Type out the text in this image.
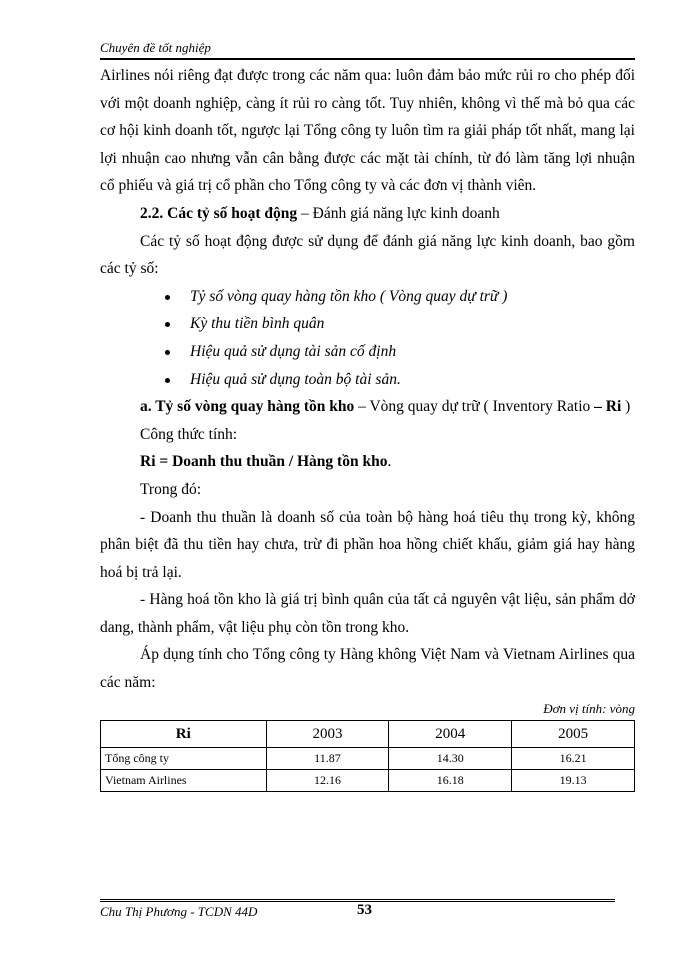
Chuyên đề tốt nghiệp

Airlines nói riêng đạt được trong các năm qua: luôn đảm bảo mức rủi ro cho phép đối với một doanh nghiệp, càng ít rủi ro càng tốt. Tuy nhiên, không vì thế mà bỏ qua các cơ hội kinh doanh tốt, ngược lại Tổng công ty luôn tìm ra giải pháp tốt nhất, mang lại lợi nhuận cao nhưng vẫn cân bằng được các mặt tài chính, từ đó làm tăng lợi nhuận cổ phiếu và giá trị cổ phần cho Tổng công ty và các đơn vị thành viên.

2.2. Các tỷ số hoạt động – Đánh giá năng lực kinh doanh

Các tỷ số hoạt động được sử dụng để đánh giá năng lực kinh doanh, bao gồm các tỷ số:

Tỷ số vòng quay hàng tồn kho ( Vòng quay dự trữ )
Kỳ thu tiền bình quân
Hiệu quả sử dụng tài sản cố định
Hiệu quả sử dụng toàn bộ tài sản.

a. Tỷ số vòng quay hàng tồn kho – Vòng quay dự trữ ( Inventory Ratio – Ri )

Công thức tính:

Ri = Doanh thu thuần / Hàng tồn kho.

Trong đó:

- Doanh thu thuần là doanh số của toàn bộ hàng hoá tiêu thụ trong kỳ, không phân biệt đã thu tiền hay chưa, trừ đi phần hoa hồng chiết khấu, giảm giá hay hàng hoá bị trả lại.

- Hàng hoá tồn kho là giá trị bình quân của tất cả nguyên vật liệu, sản phẩm dở dang, thành phẩm, vật liệu phụ còn tồn trong kho.

Áp dụng tính cho Tổng công ty Hàng không Việt Nam và Vietnam Airlines qua các năm:

Đơn vị tính: vòng

Ri	2003	2004	2005
Tổng công ty	11.87	14.30	16.21
Vietnam Airlines	12.16	16.18	19.13
Chu Thị Phương - TCDN 44D	53
